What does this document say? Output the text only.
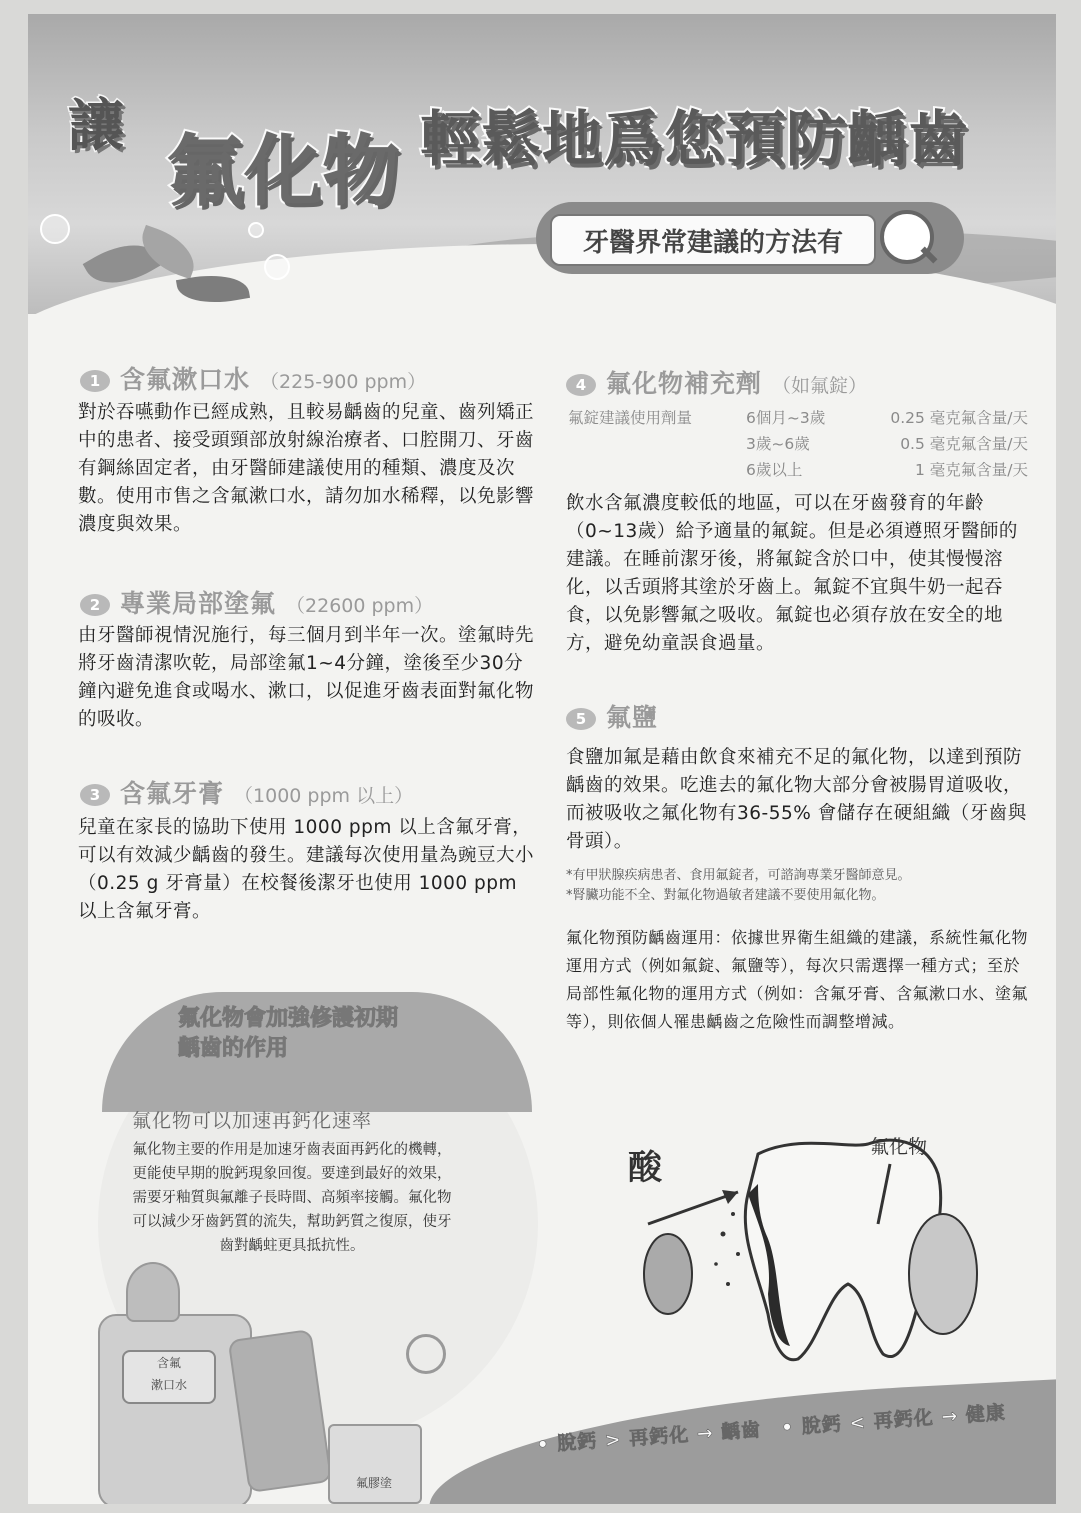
讓
氟化物 輕鬆地爲您預防齲齒
牙醫界常建議的方法有
1 含氟漱口水 （225-900 ppm）
對於吞嚥動作已經成熟，且較易齲齒的兒童、齒列矯正中的患者、接受頭頸部放射線治療者、口腔開刀、牙齒有鋼絲固定者，由牙醫師建議使用的種類、濃度及次數。使用市售之含氟漱口水，請勿加水稀釋，以免影響濃度與效果。
2 專業局部塗氟 （22600 ppm）
由牙醫師視情況施行，每三個月到半年一次。塗氟時先將牙齒清潔吹乾，局部塗氟1~4分鐘，塗後至少30分鐘內避免進食或喝水、漱口，以促進牙齒表面對氟化物的吸收。
3 含氟牙膏 （1000 ppm 以上）
兒童在家長的協助下使用 1000 ppm 以上含氟牙膏，可以有效減少齲齒的發生。建議每次使用量為豌豆大小（0.25 g 牙膏量）在校餐後潔牙也使用 1000 ppm 以上含氟牙膏。
4 氟化物補充劑 （如氟錠）
氟錠建議使用劑量	6個月~3歲	0.25 毫克氟含量/天
3歲~6歲	0.5 毫克氟含量/天
6歲以上	1 毫克氟含量/天
飲水含氟濃度較低的地區，可以在牙齒發育的年齡（0~13歲）給予適量的氟錠。但是必須遵照牙醫師的建議。在睡前潔牙後，將氟錠含於口中，使其慢慢溶化，以舌頭將其塗於牙齒上。氟錠不宜與牛奶一起吞食，以免影響氟之吸收。氟錠也必須存放在安全的地方，避免幼童誤食過量。
5 氟鹽
食鹽加氟是藉由飲食來補充不足的氟化物，以達到預防齲齒的效果。吃進去的氟化物大部分會被腸胃道吸收，而被吸收之氟化物有36-55% 會儲存在硬組織（牙齒與骨頭）。
*有甲狀腺疾病患者、食用氟錠者，可諮詢專業牙醫師意見。
*腎臟功能不全、對氟化物過敏者建議不要使用氟化物。
氟化物預防齲齒運用：依據世界衛生組織的建議，系統性氟化物運用方式（例如氟錠、氟鹽等），每次只需選擇一種方式；至於局部性氟化物的運用方式（例如：含氟牙膏、含氟漱口水、塗氟等），則依個人罹患齲齒之危險性而調整增減。
氟化物會加強修護初期齲齒的作用
氟化物可以加速再鈣化速率
氟化物主要的作用是加速牙齒表面再鈣化的機轉，更能使早期的脫鈣現象回復。要達到最好的效果，需要牙釉質與氟離子長時間、高頻率接觸。氟化物可以減少牙齒鈣質的流失，幫助鈣質之復原，使牙齒對齲蛀更具抵抗性。
• 脫鈣 > 再鈣化 → 齲齒　• 脫鈣 < 再鈣化 → 健康
含氟
漱口水
氟膠塗
酸
氟化物
